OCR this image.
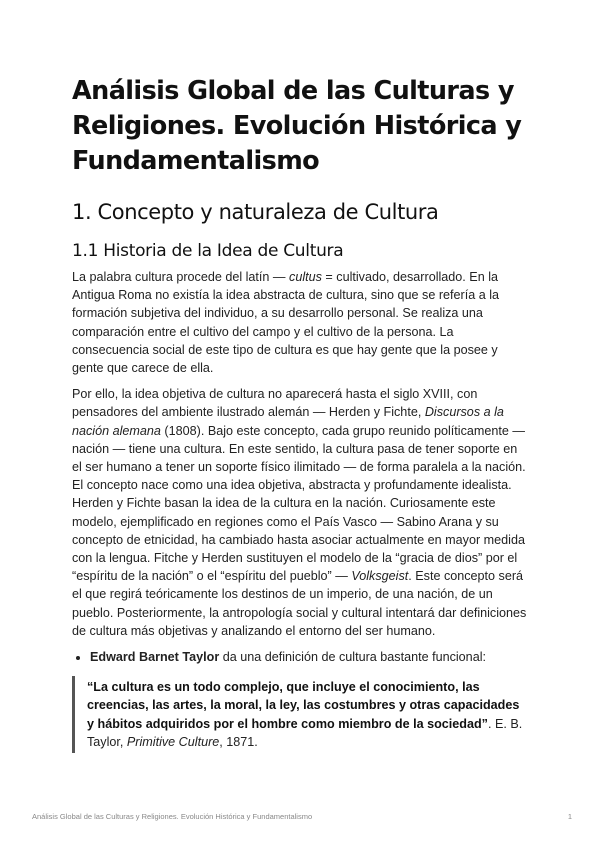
Análisis Global de las Culturas y Religiones. Evolución Histórica y Fundamentalismo
1. Concepto y naturaleza de Cultura
1.1 Historia de la Idea de Cultura

La palabra cultura procede del latín — cultus = cultivado, desarrollado. En la Antigua Roma no existía la idea abstracta de cultura, sino que se refería a la formación subjetiva del individuo, a su desarrollo personal. Se realiza una comparación entre el cultivo del campo y el cultivo de la persona. La consecuencia social de este tipo de cultura es que hay gente que la posee y gente que carece de ella.

Por ello, la idea objetiva de cultura no aparecerá hasta el siglo XVIII, con pensadores del ambiente ilustrado alemán — Herden y Fichte, Discursos a la nación alemana (1808). Bajo este concepto, cada grupo reunido políticamente — nación — tiene una cultura. En este sentido, la cultura pasa de tener soporte en el ser humano a tener un soporte físico ilimitado — de forma paralela a la nación. El concepto nace como una idea objetiva, abstracta y profundamente idealista. Herden y Fichte basan la idea de la cultura en la nación. Curiosamente este modelo, ejemplificado en regiones como el País Vasco — Sabino Arana y su concepto de etnicidad, ha cambiado hasta asociar actualmente en mayor medida con la lengua. Fitche y Herden sustituyen el modelo de la “gracia de dios” por el “espíritu de la nación” o el “espíritu del pueblo” — Volksgeist. Este concepto será el que regirá teóricamente los destinos de un imperio, de una nación, de un pueblo. Posteriormente, la antropología social y cultural intentará dar definiciones de cultura más objetivas y analizando el entorno del ser humano.

• Edward Barnet Taylor da una definición de cultura bastante funcional:
“La cultura es un todo complejo, que incluye el conocimiento, las creencias, las artes, la moral, la ley, las costumbres y otras capacidades y hábitos adquiridos por el hombre como miembro de la sociedad”. E. B. Taylor, Primitive Culture, 1871.
Análisis Global de las Culturas y Religiones. Evolución Histórica y Fundamentalismo	1
